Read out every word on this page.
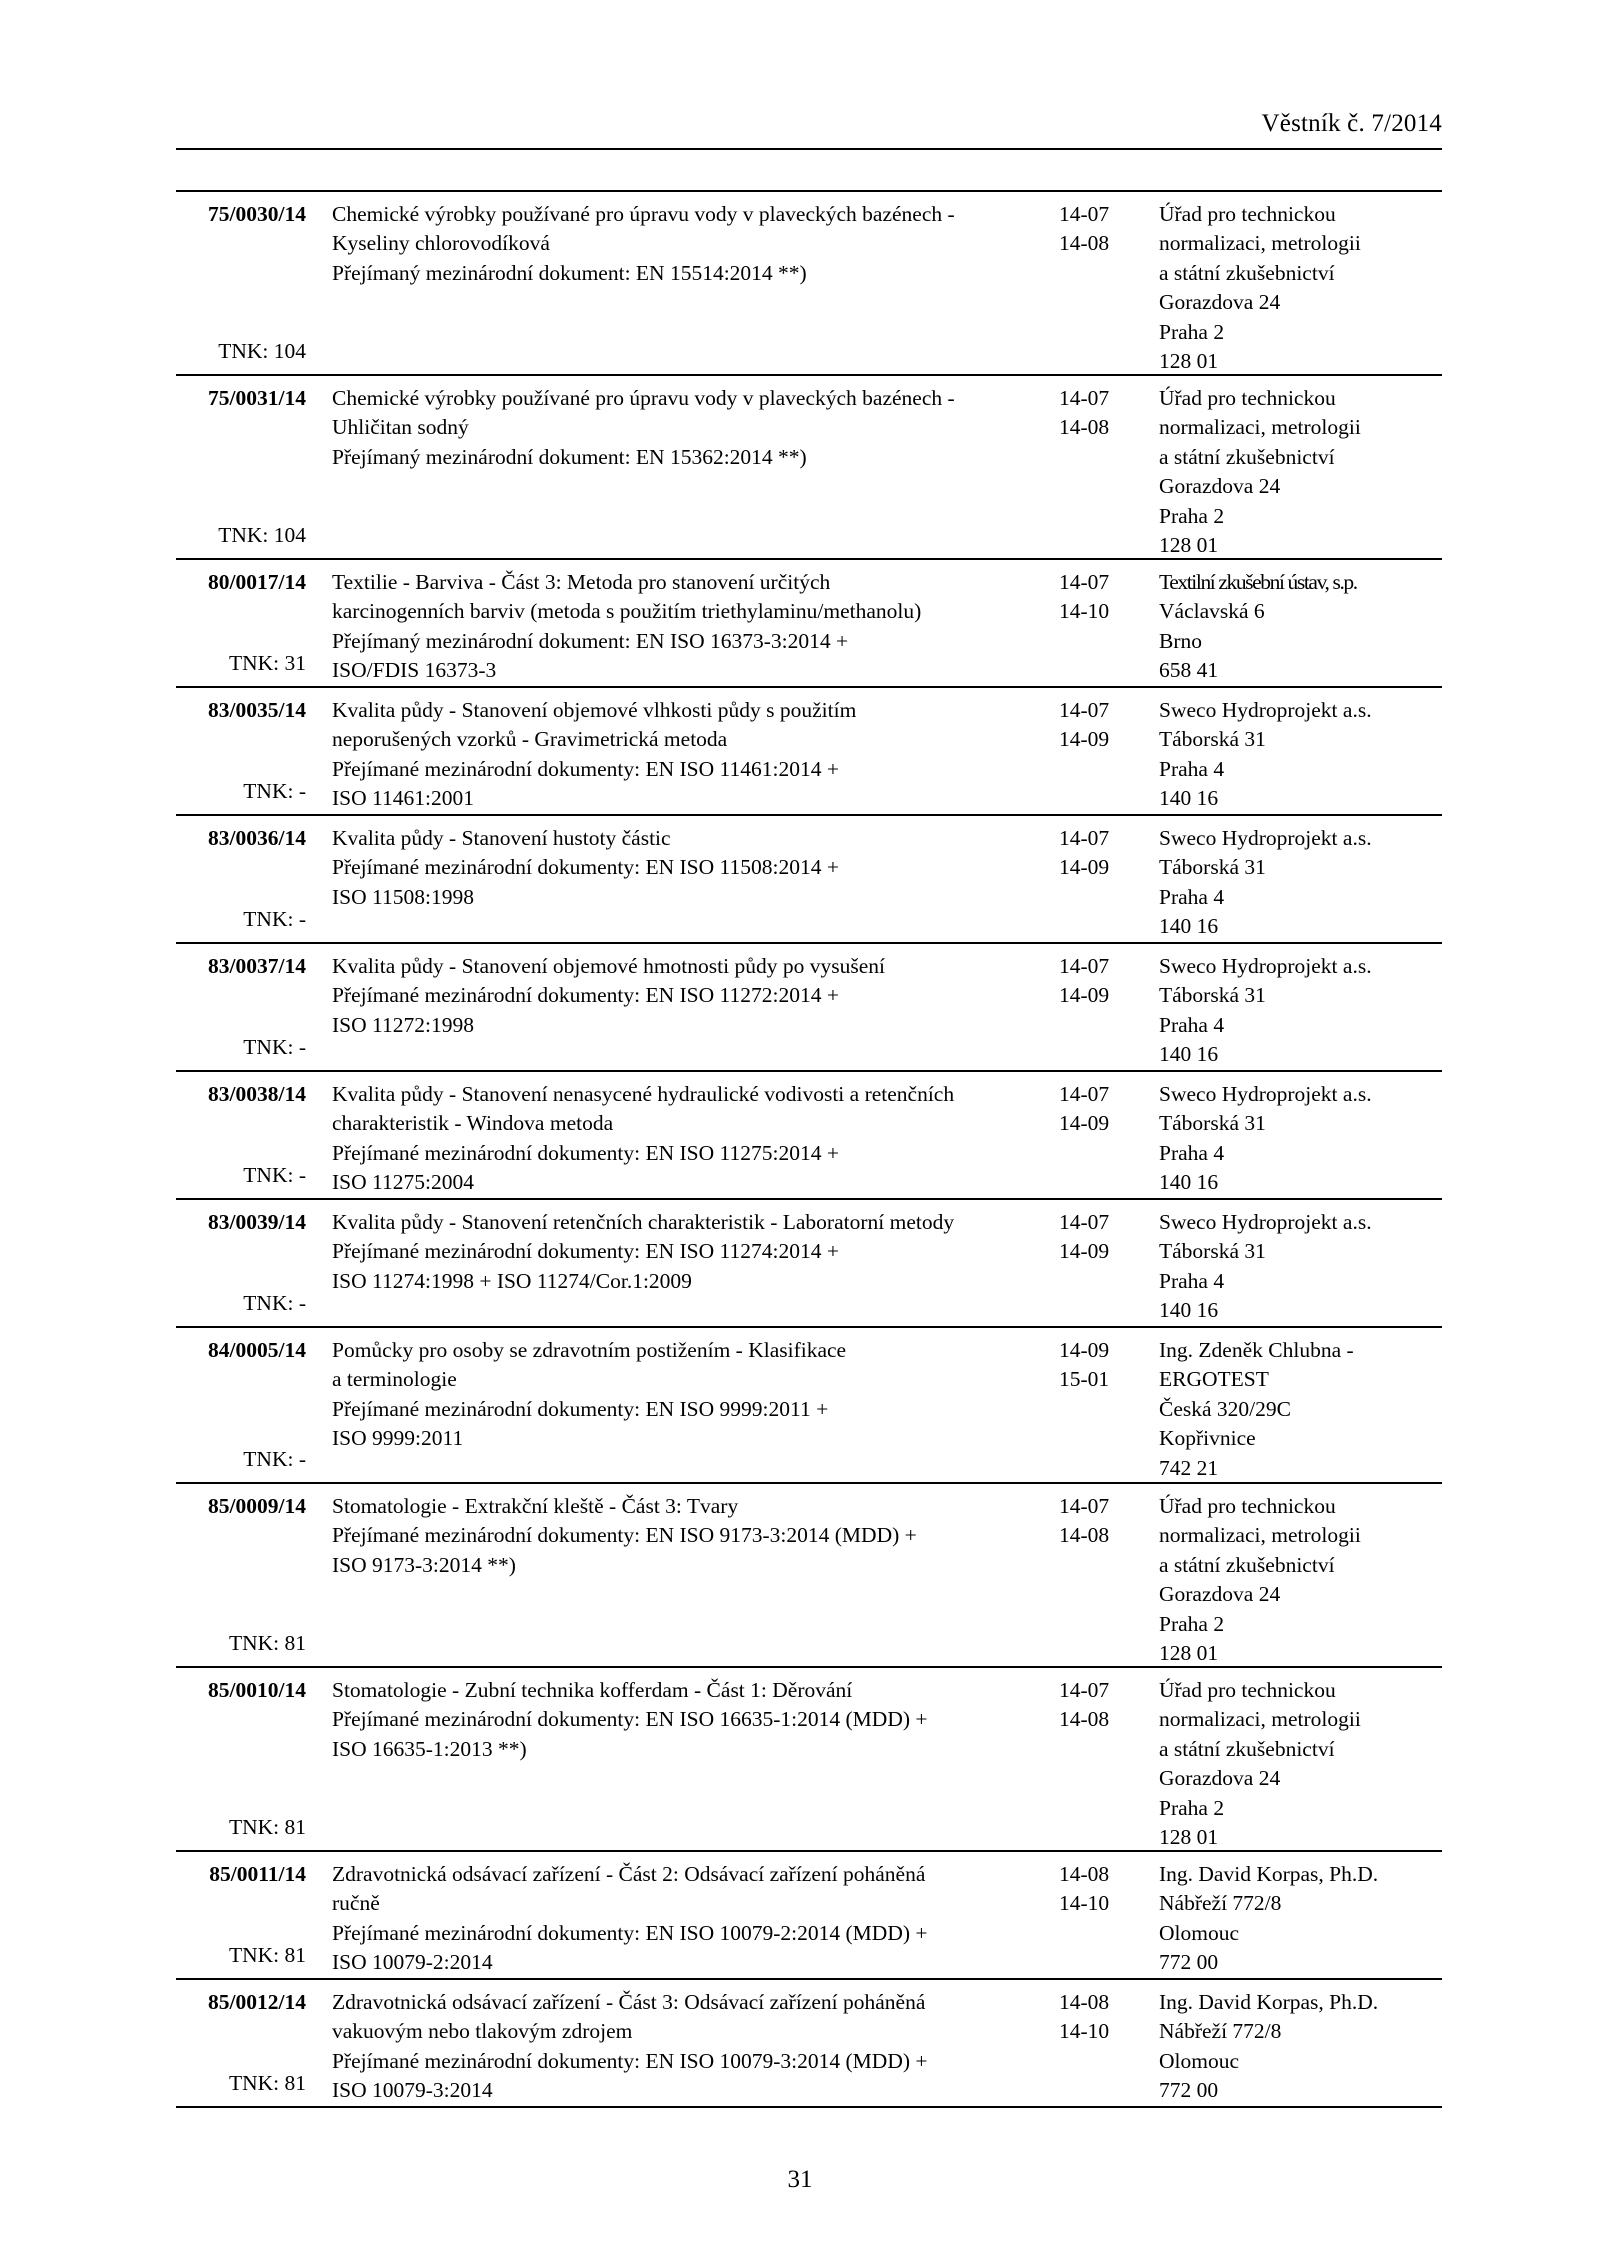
Věstník č. 7/2014
75/0030/14
TNK: 104
Chemické výrobky používané pro úpravu vody v plaveckých bazénech -
Kyseliny chlorovodíková
Přejímaný mezinárodní dokument: EN 15514:2014 **)
14-07
14-08
Úřad pro technickou
normalizaci, metrologii
a státní zkušebnictví
Gorazdova 24
Praha 2
128 01
75/0031/14
TNK: 104
Chemické výrobky používané pro úpravu vody v plaveckých bazénech -
Uhličitan sodný
Přejímaný mezinárodní dokument: EN 15362:2014 **)
14-07
14-08
Úřad pro technickou
normalizaci, metrologii
a státní zkušebnictví
Gorazdova 24
Praha 2
128 01
80/0017/14
TNK: 31
Textilie - Barviva - Část 3: Metoda pro stanovení určitých
karcinogenních barviv (metoda s použitím triethylaminu/methanolu)
Přejímaný mezinárodní dokument: EN ISO 16373-3:2014 +
ISO/FDIS 16373-3
14-07
14-10
Textilní zkušební ústav, s.p.
Václavská 6
Brno
658 41
83/0035/14
TNK: -
Kvalita půdy - Stanovení objemové vlhkosti půdy s použitím
neporušených vzorků - Gravimetrická metoda
Přejímané mezinárodní dokumenty: EN ISO 11461:2014 +
ISO 11461:2001
14-07
14-09
Sweco Hydroprojekt a.s.
Táborská 31
Praha 4
140 16
83/0036/14
TNK: -
Kvalita půdy - Stanovení hustoty částic
Přejímané mezinárodní dokumenty: EN ISO 11508:2014 +
ISO 11508:1998
14-07
14-09
Sweco Hydroprojekt a.s.
Táborská 31
Praha 4
140 16
83/0037/14
TNK: -
Kvalita půdy - Stanovení objemové hmotnosti půdy po vysušení
Přejímané mezinárodní dokumenty: EN ISO 11272:2014 +
ISO 11272:1998
14-07
14-09
Sweco Hydroprojekt a.s.
Táborská 31
Praha 4
140 16
83/0038/14
TNK: -
Kvalita půdy - Stanovení nenasycené hydraulické vodivosti a retenčních
charakteristik - Windova metoda
Přejímané mezinárodní dokumenty: EN ISO 11275:2014 +
ISO 11275:2004
14-07
14-09
Sweco Hydroprojekt a.s.
Táborská 31
Praha 4
140 16
83/0039/14
TNK: -
Kvalita půdy - Stanovení retenčních charakteristik - Laboratorní metody
Přejímané mezinárodní dokumenty: EN ISO 11274:2014 +
ISO 11274:1998 + ISO 11274/Cor.1:2009
14-07
14-09
Sweco Hydroprojekt a.s.
Táborská 31
Praha 4
140 16
84/0005/14
TNK: -
Pomůcky pro osoby se zdravotním postižením - Klasifikace
a terminologie
Přejímané mezinárodní dokumenty: EN ISO 9999:2011 +
ISO 9999:2011
14-09
15-01
Ing. Zdeněk Chlubna -
ERGOTEST
Česká 320/29C
Kopřivnice
742 21
85/0009/14
TNK: 81
Stomatologie - Extrakční kleště - Část 3: Tvary
Přejímané mezinárodní dokumenty: EN ISO 9173-3:2014 (MDD) +
ISO 9173-3:2014 **)
14-07
14-08
Úřad pro technickou
normalizaci, metrologii
a státní zkušebnictví
Gorazdova 24
Praha 2
128 01
85/0010/14
TNK: 81
Stomatologie - Zubní technika kofferdam - Část 1: Děrování
Přejímané mezinárodní dokumenty: EN ISO 16635-1:2014 (MDD) +
ISO 16635-1:2013 **)
14-07
14-08
Úřad pro technickou
normalizaci, metrologii
a státní zkušebnictví
Gorazdova 24
Praha 2
128 01
85/0011/14
TNK: 81
Zdravotnická odsávací zařízení - Část 2: Odsávací zařízení poháněná
ručně
Přejímané mezinárodní dokumenty: EN ISO 10079-2:2014 (MDD) +
ISO 10079-2:2014
14-08
14-10
Ing. David Korpas, Ph.D.
Nábřeží 772/8
Olomouc
772 00
85/0012/14
TNK: 81
Zdravotnická odsávací zařízení - Část 3: Odsávací zařízení poháněná
vakuovým nebo tlakovým zdrojem
Přejímané mezinárodní dokumenty: EN ISO 10079-3:2014 (MDD) +
ISO 10079-3:2014
14-08
14-10
Ing. David Korpas, Ph.D.
Nábřeží 772/8
Olomouc
772 00
31
